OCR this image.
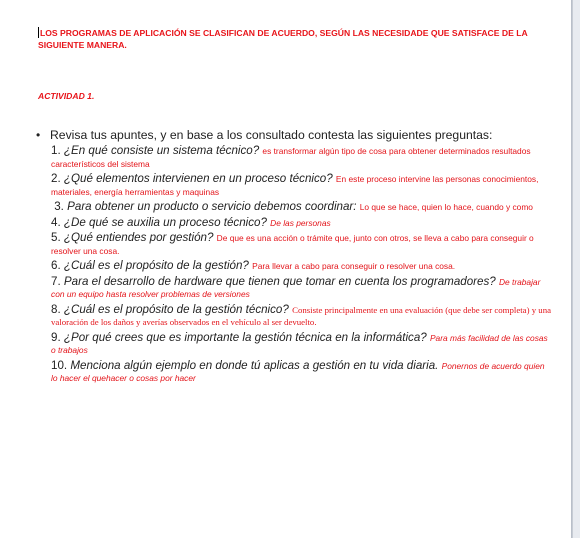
LOS PROGRAMAS DE APLICACIÓN SE CLASIFICAN DE ACUERDO, SEGÚN LAS NECESIDADE QUE SATISFACE DE LA SIGUIENTE MANERA.
ACTIVIDAD 1.
• Revisa tus apuntes, y en base a los consultado contesta las siguientes preguntas:
1. ¿En qué consiste un sistema técnico? es transformar algún tipo de cosa para obtener determinados resultados característicos del sistema
2. ¿Qué elementos intervienen en un proceso técnico? En este proceso intervine las personas conocimientos, materiales, energía herramientas y maquinas
3. Para obtener un producto o servicio debemos coordinar: Lo que se hace, quien lo hace, cuando y como
4. ¿De qué se auxilia un proceso técnico? De las personas
5. ¿Qué entiendes por gestión? De que es una acción o trámite que, junto con otros, se lleva a cabo para conseguir o resolver una cosa.
6. ¿Cuál es el propósito de la gestión? Para llevar a cabo para conseguir o resolver una cosa.
7. Para el desarrollo de hardware que tienen que tomar en cuenta los programadores? De trabajar con un equipo hasta resolver problemas de versiones
8. ¿Cuál es el propósito de la gestión técnico? Consiste principalmente en una evaluación (que debe ser completa) y una valoración de los daños y averías observados en el vehículo al ser devuelto.
9. ¿Por qué crees que es importante la gestión técnica en la informática? Para más facilidad de las cosas o trabajos
10. Menciona algún ejemplo en donde tú aplicas a gestión en tu vida diaria. Ponernos de acuerdo quien lo hacer el quehacer o cosas por hacer
